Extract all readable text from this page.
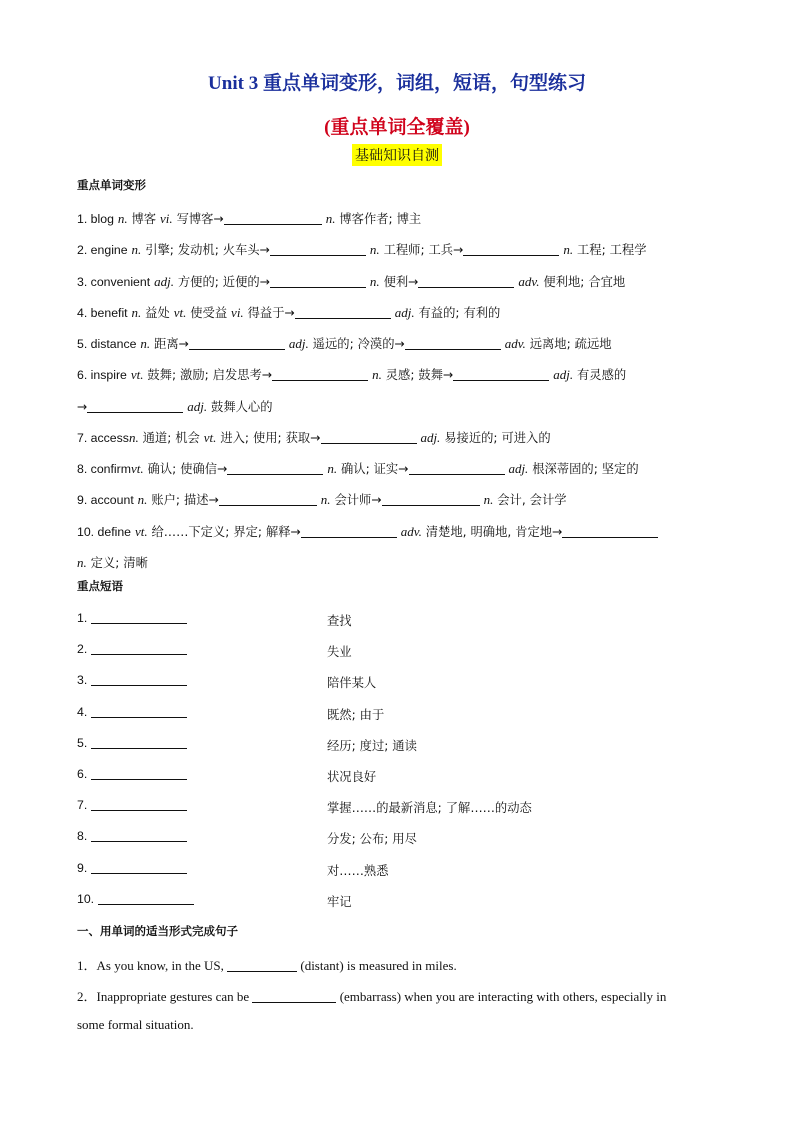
Unit 3 重点单词变形，词组，短语，句型练习
(重点单词全覆盖)
基础知识自测
重点单词变形
1. blog n. 博客 vi. 写博客→	n. 博客作者; 博主
2. engine n. 引擎; 发动机; 火车头→	n. 工程师; 工兵→	n. 工程; 工程学
3. convenient adj. 方便的; 近便的→	n. 便利→	adv. 便利地; 合宜地
4. benefit n. 益处 vt. 使受益 vi. 得益于→	adj. 有益的; 有利的
5. distance n. 距离→	adj. 遥远的; 冷漠的→	adv. 远离地; 疏远地
6. inspire vt. 鼓舞; 激励; 启发思考→	n. 灵感; 鼓舞→	adj. 有灵感的
→	adj. 鼓舞人心的
7. accessn. 通道; 机会 vt. 进入; 使用; 获取→	adj. 易接近的; 可进入的
8. confirmvt. 确认; 使确信→	n. 确认; 证实→	adj. 根深蒂固的; 坚定的
9. account n. 账户; 描述→	n. 会计师→	n. 会计, 会计学
10. define vt. 给……下定义; 界定; 解释→	adv. 清楚地, 明确地, 肯定地→
n. 定义; 清晰
重点短语
1.	查找
2.	失业
3.	陪伴某人
4.	既然; 由于
5.	经历; 度过; 通读
6.	状况良好
7.	掌握……的最新消息; 了解……的动态
8.	分发; 公布; 用尽
9.	对……熟悉
10.	牢记
一、用单词的适当形式完成句子
1．As you know, in the US,	(distant) is measured in miles.
2．Inappropriate gestures can be	(embarrass) when you are interacting with others, especially in
some formal situation.
